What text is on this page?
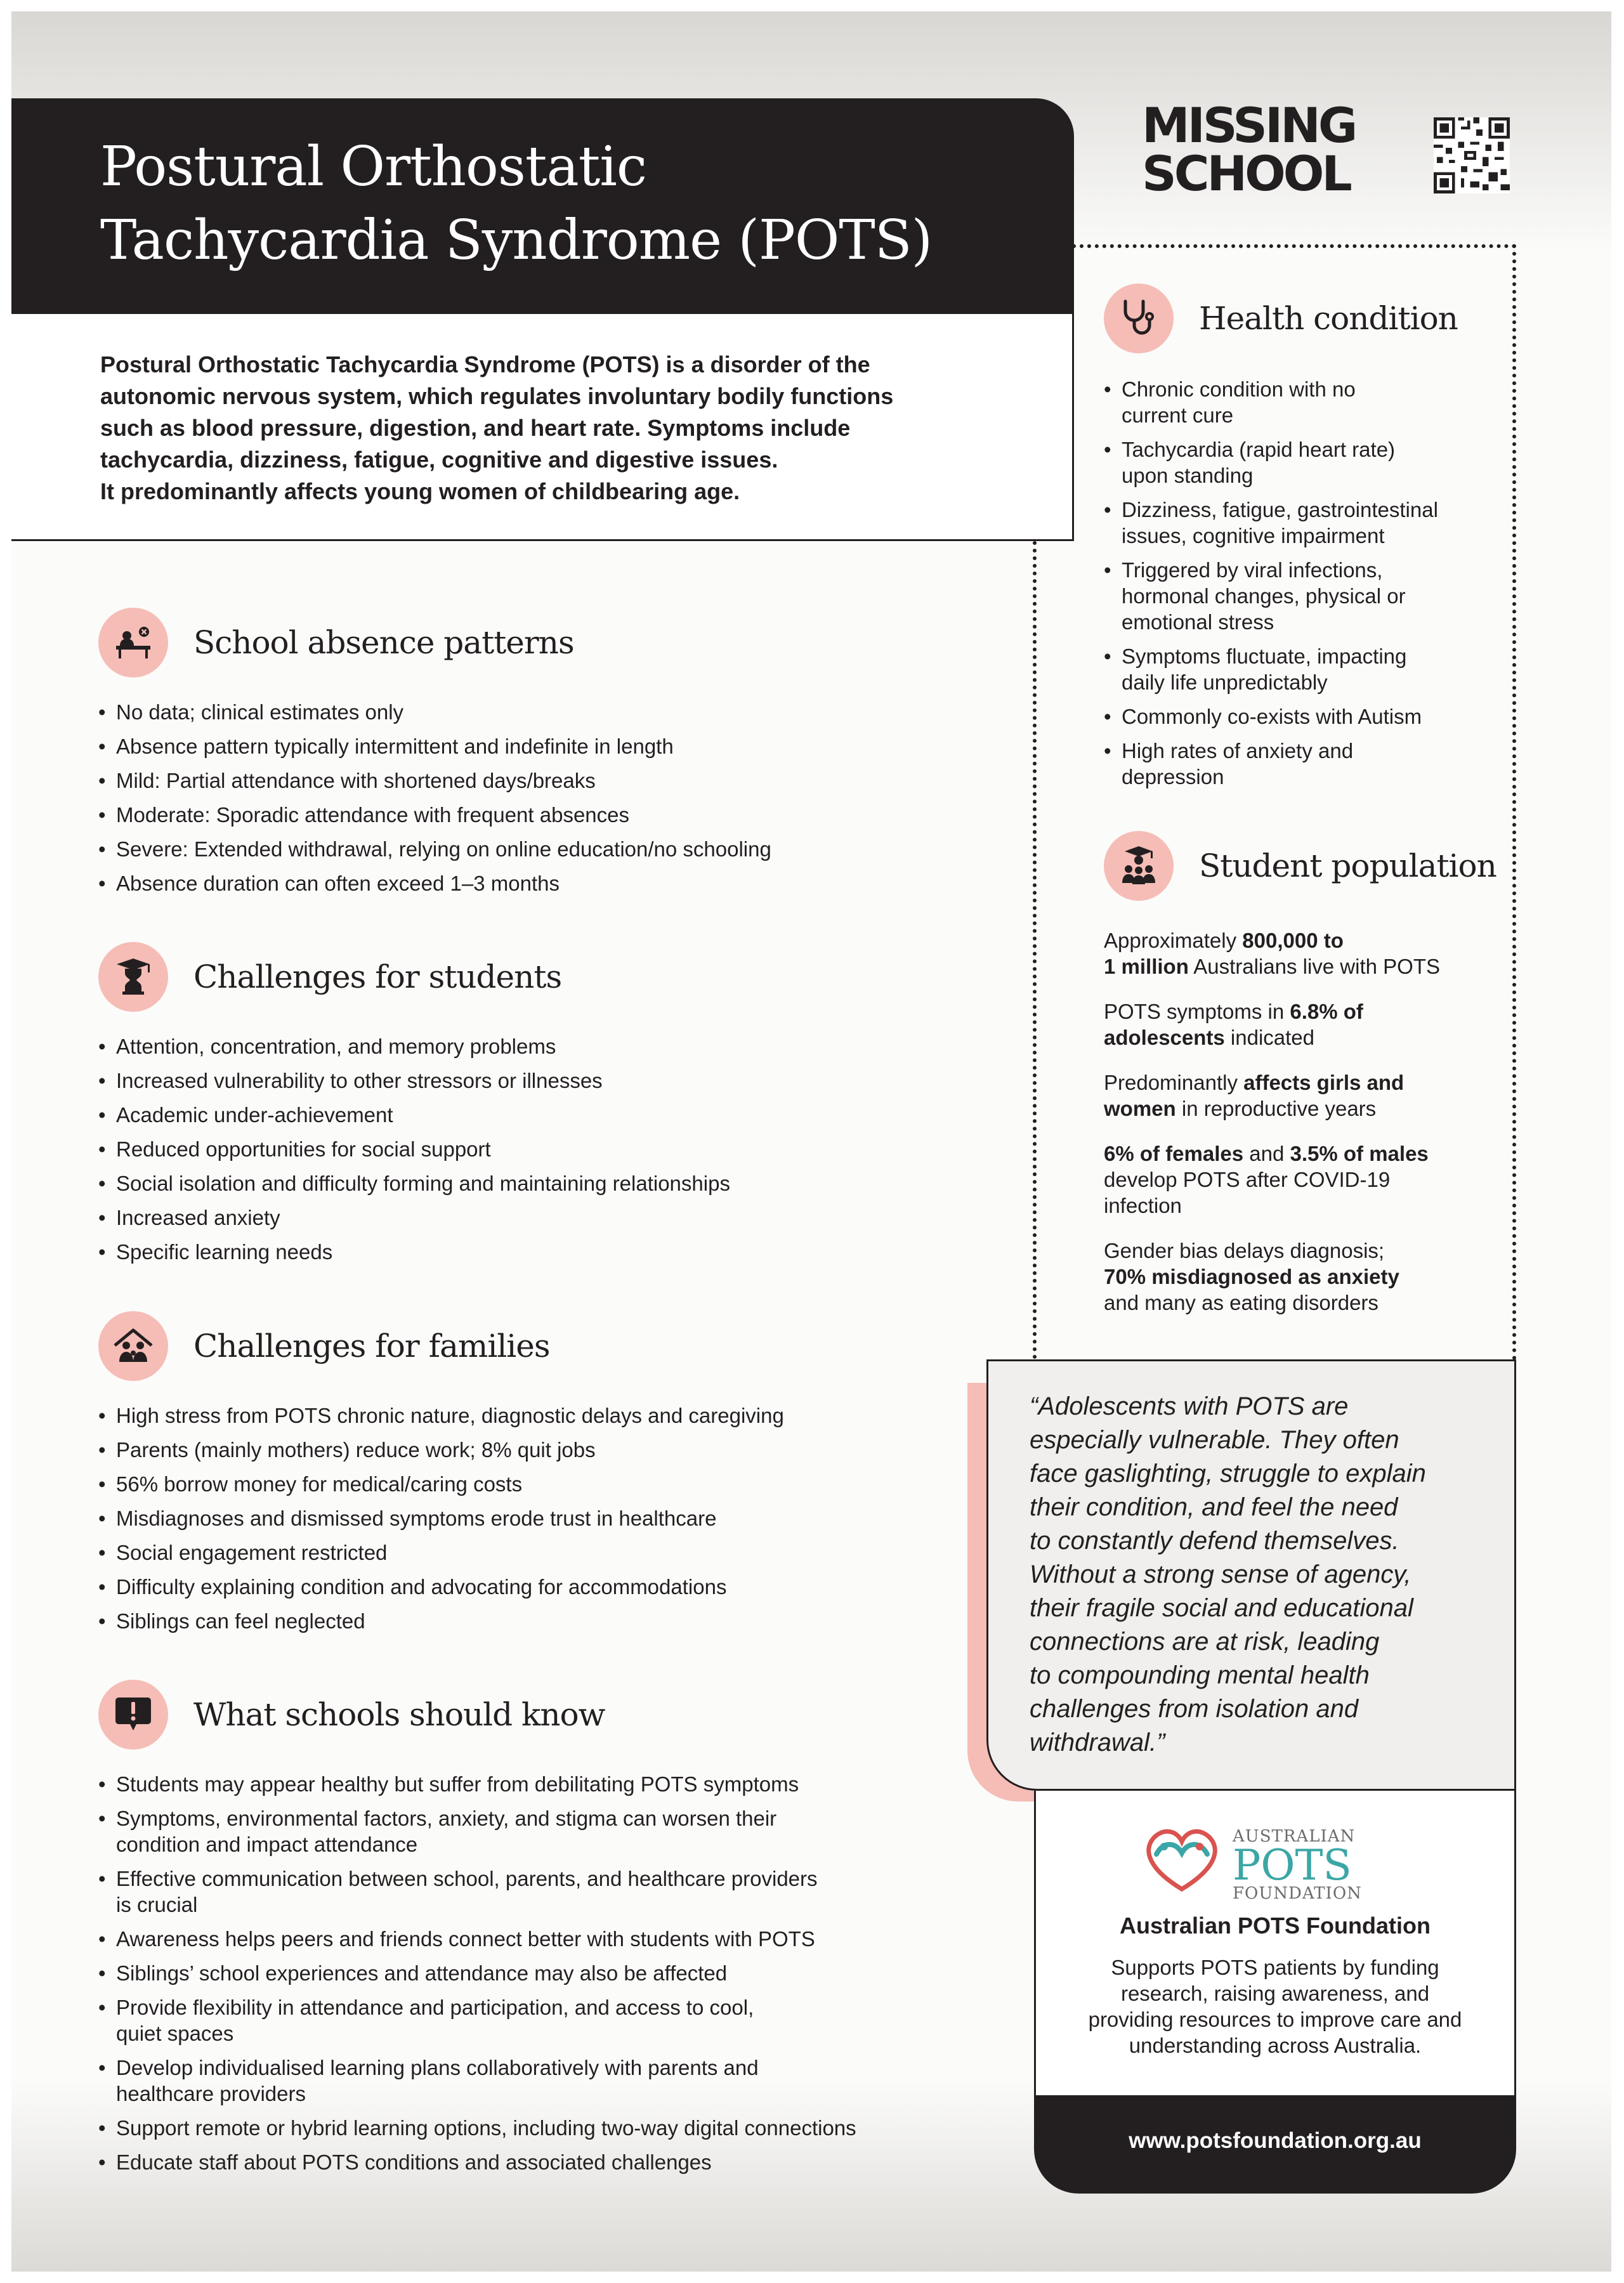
Postural Orthostatic
Tachycardia Syndrome (POTS)

Postural Orthostatic Tachycardia Syndrome (POTS) is a disorder of the
autonomic nervous system, which regulates involuntary bodily functions
such as blood pressure, digestion, and heart rate. Symptoms include
tachycardia, dizziness, fatigue, cognitive and digestive issues.
It predominantly affects young women of childbearing age.

MISSING
SCHOOL
School absence patterns
• No data; clinical estimates only
• Absence pattern typically intermittent and indefinite in length
• Mild: Partial attendance with shortened days/breaks
• Moderate: Sporadic attendance with frequent absences
• Severe: Extended withdrawal, relying on online education/no schooling
• Absence duration can often exceed 1–3 months
Challenges for students
• Attention, concentration, and memory problems
• Increased vulnerability to other stressors or illnesses
• Academic under-achievement
• Reduced opportunities for social support
• Social isolation and difficulty forming and maintaining relationships
• Increased anxiety
• Specific learning needs
Challenges for families
• High stress from POTS chronic nature, diagnostic delays and caregiving
• Parents (mainly mothers) reduce work; 8% quit jobs
• 56% borrow money for medical/caring costs
• Misdiagnoses and dismissed symptoms erode trust in healthcare
• Social engagement restricted
• Difficulty explaining condition and advocating for accommodations
• Siblings can feel neglected
What schools should know
• Students may appear healthy but suffer from debilitating POTS symptoms
• Symptoms, environmental factors, anxiety, and stigma can worsen their
condition and impact attendance
• Effective communication between school, parents, and healthcare providers
is crucial
• Awareness helps peers and friends connect better with students with POTS
• Siblings’ school experiences and attendance may also be affected
• Provide flexibility in attendance and participation, and access to cool,
quiet spaces
• Develop individualised learning plans collaboratively with parents and
healthcare providers
• Support remote or hybrid learning options, including two-way digital connections
• Educate staff about POTS conditions and associated challenges
Health condition
• Chronic condition with no
current cure
• Tachycardia (rapid heart rate)
upon standing
• Dizziness, fatigue, gastrointestinal
issues, cognitive impairment
• Triggered by viral infections,
hormonal changes, physical or
emotional stress
• Symptoms fluctuate, impacting
daily life unpredictably
• Commonly co-exists with Autism
• High rates of anxiety and
depression
Student population

Approximately 800,000 to
1 million Australians live with POTS

POTS symptoms in 6.8% of
adolescents indicated

Predominantly affects girls and
women in reproductive years

6% of females and 3.5% of males
develop POTS after COVID-19
infection

Gender bias delays diagnosis;
70% misdiagnosed as anxiety
and many as eating disorders

“Adolescents with POTS are
especially vulnerable. They often
face gaslighting, struggle to explain
their condition, and feel the need
to constantly defend themselves.
Without a strong sense of agency,
their fragile social and educational
connections are at risk, leading
to compounding mental health
challenges from isolation and
withdrawal.”

AUSTRALIAN
POTS
FOUNDATION
Australian POTS Foundation
Supports POTS patients by funding
research, raising awareness, and
providing resources to improve care and
understanding across Australia.
www.potsfoundation.org.au
